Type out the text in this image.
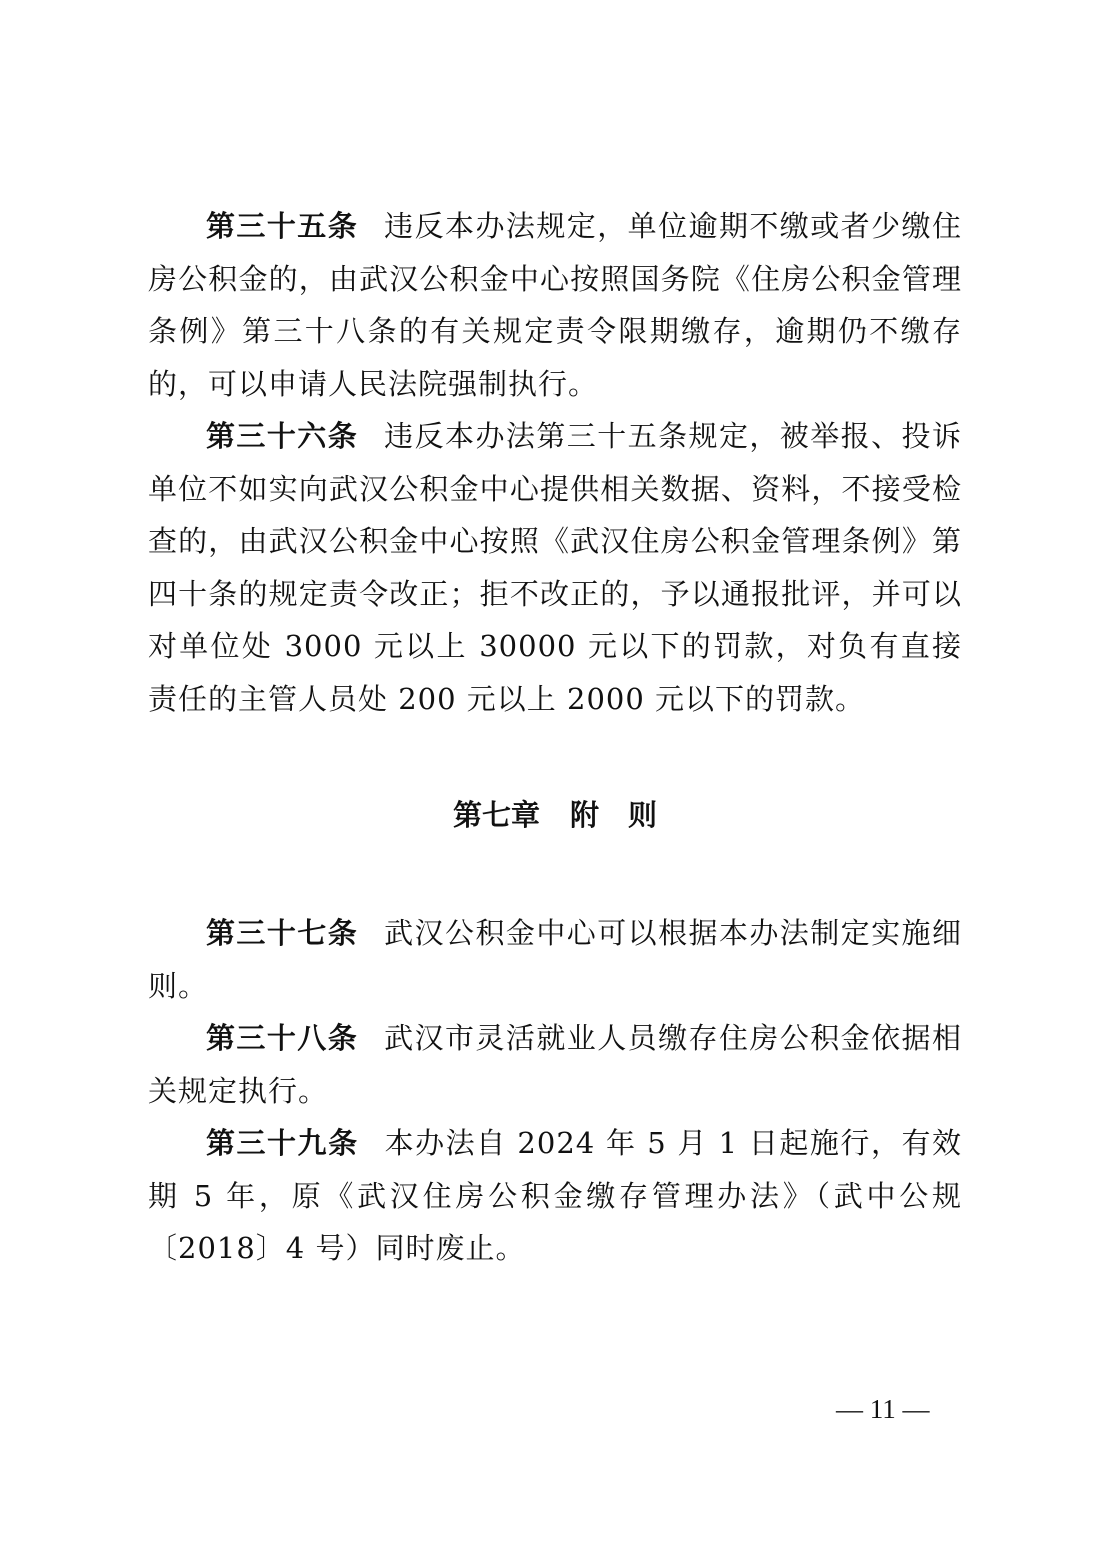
第三十五条 违反本办法规定，单位逾期不缴或者少缴住房公积金的，由武汉公积金中心按照国务院《住房公积金管理条例》第三十八条的有关规定责令限期缴存，逾期仍不缴存的，可以申请人民法院强制执行。

第三十六条 违反本办法第三十五条规定，被举报、投诉单位不如实向武汉公积金中心提供相关数据、资料，不接受检查的，由武汉公积金中心按照《武汉住房公积金管理条例》第四十条的规定责令改正；拒不改正的，予以通报批评，并可以对单位处 3000 元以上 30000 元以下的罚款，对负有直接责任的主管人员处 200 元以上 2000 元以下的罚款。

第七章 附 则

第三十七条 武汉公积金中心可以根据本办法制定实施细则。

第三十八条 武汉市灵活就业人员缴存住房公积金依据相关规定执行。

第三十九条 本办法自 2024 年 5 月 1 日起施行，有效期 5 年，原《武汉住房公积金缴存管理办法》（武中公规〔2018〕4 号）同时废止。

— 11 —
